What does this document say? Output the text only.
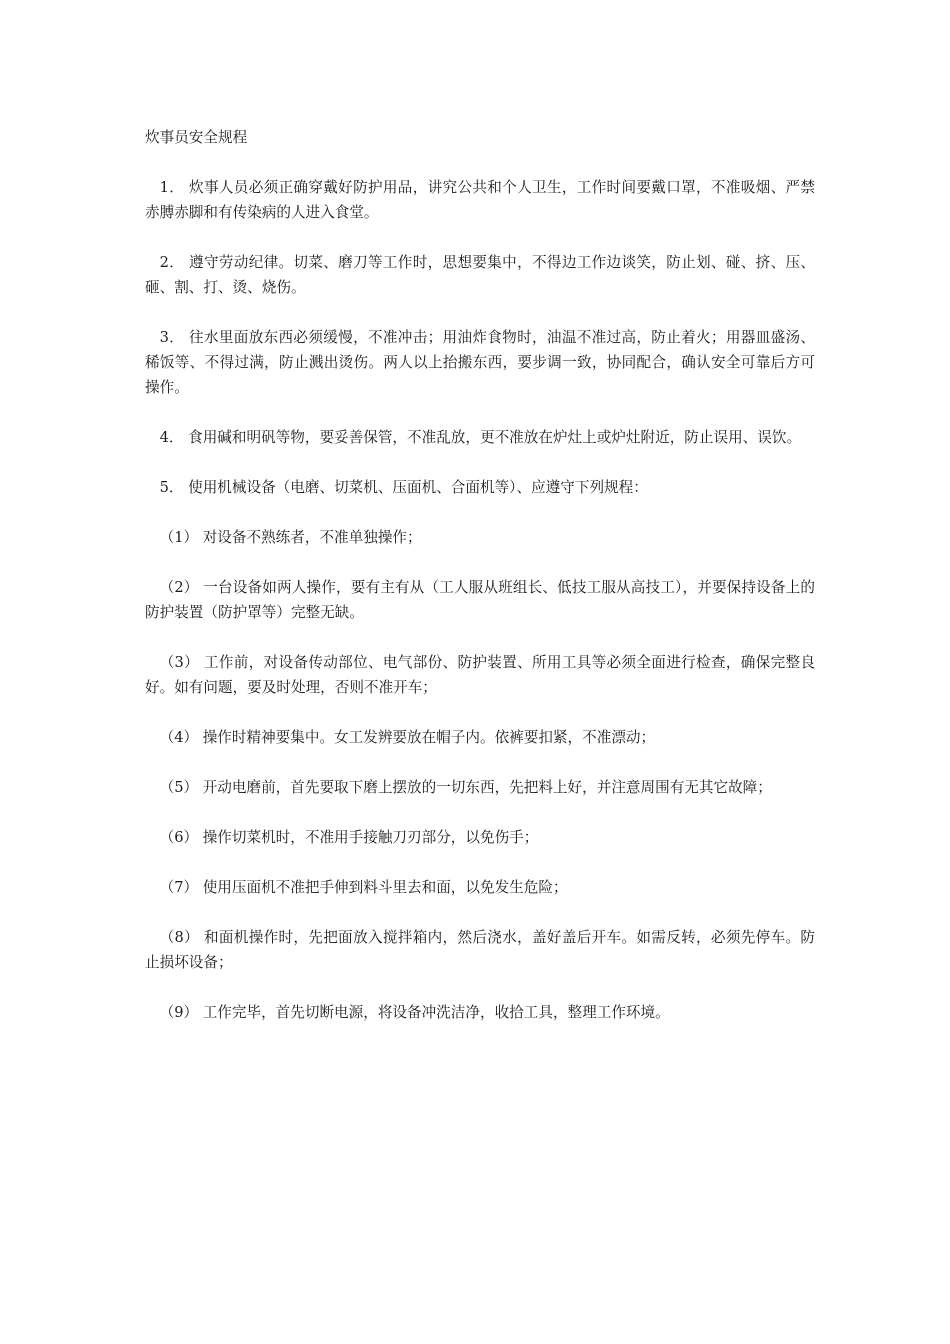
炊事员安全规程

1． 炊事人员必须正确穿戴好防护用品，讲究公共和个人卫生，工作时间要戴口罩，不准吸烟、严禁赤膊赤脚和有传染病的人进入食堂。

2． 遵守劳动纪律。切菜、磨刀等工作时，思想要集中，不得边工作边谈笑，防止划、碰、挤、压、砸、割、打、烫、烧伤。

3． 往水里面放东西必须缓慢，不准冲击；用油炸食物时，油温不准过高，防止着火；用器皿盛汤、稀饭等、不得过满，防止溅出烫伤。两人以上抬搬东西，要步调一致，协同配合，确认安全可靠后方可操作。

4． 食用碱和明矾等物，要妥善保管，不准乱放，更不准放在炉灶上或炉灶附近，防止误用、误饮。

5． 使用机械设备（电磨、切菜机、压面机、合面机等）、应遵守下列规程：

（1） 对设备不熟练者，不准单独操作；

（2） 一台设备如两人操作，要有主有从（工人服从班组长、低技工服从高技工），并要保持设备上的防护装置（防护罩等）完整无缺。

（3） 工作前，对设备传动部位、电气部份、防护装置、所用工具等必须全面进行检查，确保完整良好。如有问题，要及时处理，否则不准开车；

（4） 操作时精神要集中。女工发辨要放在帽子内。依裤要扣紧，不准漂动；

（5） 开动电磨前，首先要取下磨上摆放的一切东西，先把料上好，并注意周围有无其它故障；

（6） 操作切菜机时，不准用手接触刀刃部分，以免伤手；

（7） 使用压面机不准把手伸到料斗里去和面，以免发生危险；

（8） 和面机操作时，先把面放入搅拌箱内，然后浇水，盖好盖后开车。如需反转，必须先停车。防止损坏设备；

（9） 工作完毕，首先切断电源，将设备冲洗洁净，收拾工具，整理工作环境。
